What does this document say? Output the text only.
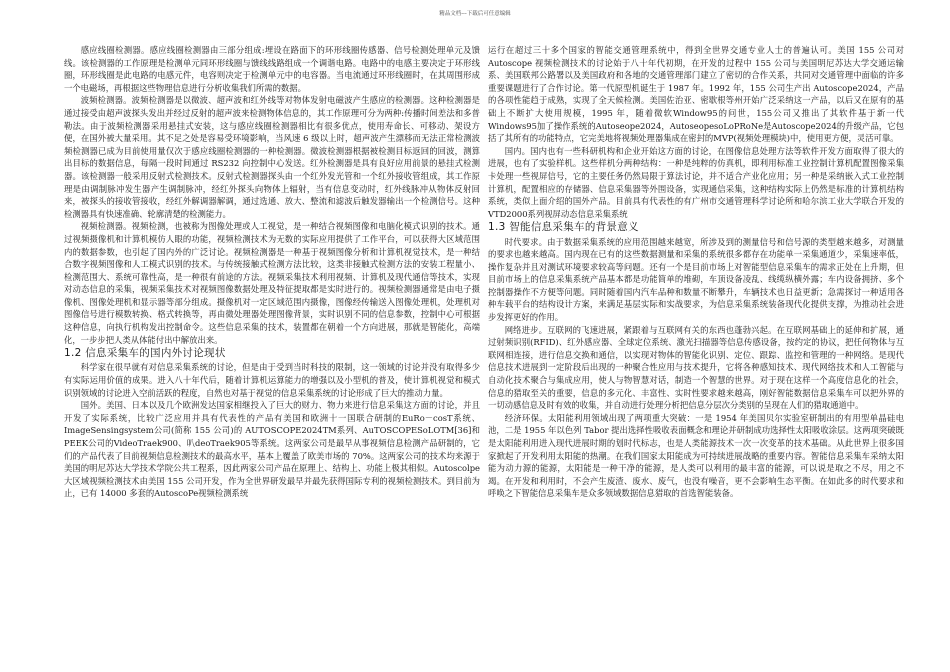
精品文档---下载后可任意编辑

感应线圈检测器。感应线圈检测器由三部分组成:埋设在路面下的环形线圈传感器、信号检测处理单元及馈线。该检测器的工作原理是检测单元同环形线圈与馈线线路组成一个调谐电路。电路中的电感主要决定于环形线圈，环形线圈是此电路的电感元件，电容则决定于检测单元中的电容器。当电流通过环形线圈时，在其周围形成一个电磁场，再根据这些物理信息进行分析收集我们所需的数据。

波频检测器。波频检测器是以微波、超声波和红外线等对物体发射电磁波产生感应的检测器。这种检测器是通过接受由超声波探头发出并经过反射的超声波来检测物体信息的，其工作原理可分为两种:传播时间差法和多普勒法。由于波频检测器采用悬挂式安装，这与感应线圈检测器相比有很多优点，使用寿命长、可移动、架设方便，在国外被大量采用。其不足之处是容易受环境影响，当风速 6 级以上时，超声波产生漂移而无法正常检测波频检测器已成为目前使用量仅次于感应线圈检测器的一种检测器。微波检测器根据被检测目标返回的回波，测算出目标的数据信息，每隔一段时间通过 RS232 向控制中心发送。红外检测器是具有良好应用前景的悬挂式检测器。该检测器一般采用反射式检测技术。反射式检测器探头由一个红外发光管和一个红外接收管组成，其工作原理是由调制脉冲发生器产生调制脉冲，经红外探头向物体上辐射，当有信息变动时，红外线脉冲从物体反射回来，被探头的接收管接收，经红外解调器解调，通过选通、放大、整流和滤波后触发器输出一个检测信号。这种检测器具有快速准确、轮廓清楚的检测能力。

视频检测器。视频检测，也被称为图像处理或人工视觉，是一种结合视频图像和电脑化模式识别的技术。通过视频摄像机和计算机模仿人眼的功能，视频检测技术为无数的实际应用提供了工作平台，可以获得大区域范围内的数据参数，也引起了国内外的广泛讨论。视频检测器是一种基于视频图像分析和计算机视觉技术，是一种结合数字视频图像和人工模式识别的技术。与传统接触式检测方法比较，这类非接触式检测方法的安装工程量小、检测范围大、系统可靠性高，是一种很有前途的方法。视频采集技术利用视频、计算机及现代通信等技术，实现对动态信息的采集，视频采集技术对视频图像数据处理及特征提取都是实时进行的。视频检测器通常是由电子摄像机、图像处理机和显示器等部分组成。摄像机对一定区域范围内摄像，图像经传输送入图像处理机，处理机对图像信号进行模数转换、格式转换等，再由微处理器处理图像背景，实时识别不同的信息参数，控制中心可根据这种信息，向执行机构发出控制命令。这些信息采集的技术，装置都在朝着一个方向进展，那就是智能化，高端化，一步步把人类从体能付出中解放出来。

1.2 信息采集车的国内外讨论现状

科学家在很早就有对信息采集系统的讨论，但是由于受到当时科技的限制，这一领域的讨论并没有取得多少有实际运用价值的成果。进入八十年代后，随着计算机运算能力的增强以及小型机的普及，使计算机视觉和模式识别领域的讨论进入空前活跃的程度，自然也对基于视觉的信息采集系统的讨论形成了巨大的推动力量。

国外。美国、日本以及几个欧洲发达国家相继投入了巨大的财力、物力来进行信息采集这方面的讨论，并且开发了实际系统，比较广泛应用并具有代表性的产品有美国和欧洲十一国联合研制的EuRo－cosT系统、ImageSensingsystem公司(简称 155 公司)的 AUTOSCOPE2024TM系列、AuTOSCOPESoLOTM[36]和PEEK公司的VideoTraek900、叭deoTraek905等系统。这两家公司是最早从事视频信息检测产品研制的，它们的产品代表了目前视频信息检测技术的最高水平，基本上覆盖了欧美市场的 70%。这两家公司的技术均来源于美国的明尼苏达大学技术学院公共工程系，因此两家公司产品在原理上、结构上、功能上极其相似。Autoscolpe 大区域视频检测技术由美国 155 公司开发，作为全世界研发最早并最先获得国际专利的视频检测技术。到目前为止，已有 14000 多套的AutoscoPe视频检测系统

运行在超过三十多个国家的智能交通管理系统中，得到全世界交通专业人士的普遍认可。美国 155 公司对 Autoscope 视频检测技术的讨论始于八十年代初期，在开发的过程中 155 公司与美国明尼苏达大学交通运输系、美国联邦公路署以及美国政府和各地的交通管理部门建立了密切的合作关系，共同对交通管理中面临的许多重要课题进行了合作讨论。第一代原型机诞生于 1987 年。1992 年，155 公司生产出 Autoscope2024，产品的各项性能趋于成熟，实现了全天候检测。美国佐治亚、密歇根等州开始广泛采纳这一产品，以后又在原有的基础上不断扩大使用规模，1995 年，随着微软Window95的问世，155公司又推出了其软件基于新一代Windows95加了操作系统的Autoseope2024，AutoseopesoLoPRoNe是Autoscope2024的升级产品，它包括了其所有的功能特点，它完美地将视频处理器集成在密封的MVP(视频处理模块)中，使用更方便，灵活可靠。

国内。国内也有一些科研机构和企业开始这方面的讨论，在图像信息处理方法等软件开发方面取得了很大的进展，也有了实验样机。这些样机分两种结构：一种是纯粹的仿真机，即利用标准工业控制计算机配置图像采集卡处理一些视屏信号，它的主要任务仍然局限于算法讨论，并不适合产业化应用；另一种是采纳嵌入式工业控制计算机，配置相应的存储器、信息采集器等外围设备，实现通信采集，这种结构实际上仍然是标准的计算机结构系统，类似上面介绍的国外产品。目前具有代表性的有广州市交通管理科学讨论所和哈尔滨工业大学联合开发的VTD2000系列视屏动态信息采集系统

1.3 智能信息采集车的背景意义

时代要求。由于数据采集系统的应用范围越来越宽，所涉及到的测量信号和信号源的类型越来越多，对测量的要求也越来越高。国内现在已有的这些数据测量和采集的系统很多都存在功能单一采集通道少，采集速率低，操作复杂并且对测试环境要求较高等问题。还有一个是目前市场上对智能型信息采集车的需求正处在上升期，但目前市场上的信息采集系统产品基本都是功能简单的堆砌，车顶设备凌乱、线缆纵横外露；车内设备拥挤、多个控制器操作不方便等问题。同时随着国内汽车品种和数量不断攀升，车辆技术也日益更新；急需探讨一种适用各种车载平台的结构设计方案，来满足基层实际和实战要求，为信息采集系统装备现代化提供支撑，为推动社会进步发挥更好的作用。

网络进步。互联网的飞速进展，紧跟着与互联网有关的东西也蓬勃兴起。在互联网基础上的延伸和扩展，通过射频识别(RFID)、红外感应器、全球定位系统、激光扫描器等信息传感设备，按约定的协议，把任何物体与互联网相连接，进行信息交换和通信，以实现对物体的智能化识别、定位、跟踪、监控和管理的一种网络。是现代信息技术进展到一定阶段后出现的一种聚合性应用与技术提升，它将各种感知技术、现代网络技术和人工智能与自动化技术聚合与集成应用，使人与物智慧对话，制造一个智慧的世界。对于现在这样一个高度信息化的社会，信息的猎取至关的重要，信息的多元化、丰富性、实时性要求越来越高，刚好智能数据信息采集车可以把外界的一切动感信息及时有效的收集，并自动进行处理分析把信息分层次分类别的呈现在人们的猎取通道中。

经济环保。太阳能利用领域出现了两项重大突破：一是 1954 年美国贝尔实验室研制出的有用型单晶硅电池，二是 1955 年以色列 Tabor 提出选择性吸收表面概念和理论并研制成功选择性太阳吸收涂层。这两项突破既是太阳能利用进入现代进展时期的划时代标志，也是人类能源技术一次一次变革的技术基础。从此世界上很多国家掀起了开发利用太阳能的热潮。在我们国家太阳能成为可持续进展战略的重要内容。智能信息采集车采纳太阳能为动力源的能源，太阳能是一种干净的能源，是人类可以利用的最丰富的能源，可以说是取之不尽，用之不竭。在开发和利用时，不会产生废渣、废水、废气，也没有噪音，更不会影响生态平衡。在如此多的时代要求和呼唤之下智能信息采集车是众多领域数据信息猎取的首选智能装备。
